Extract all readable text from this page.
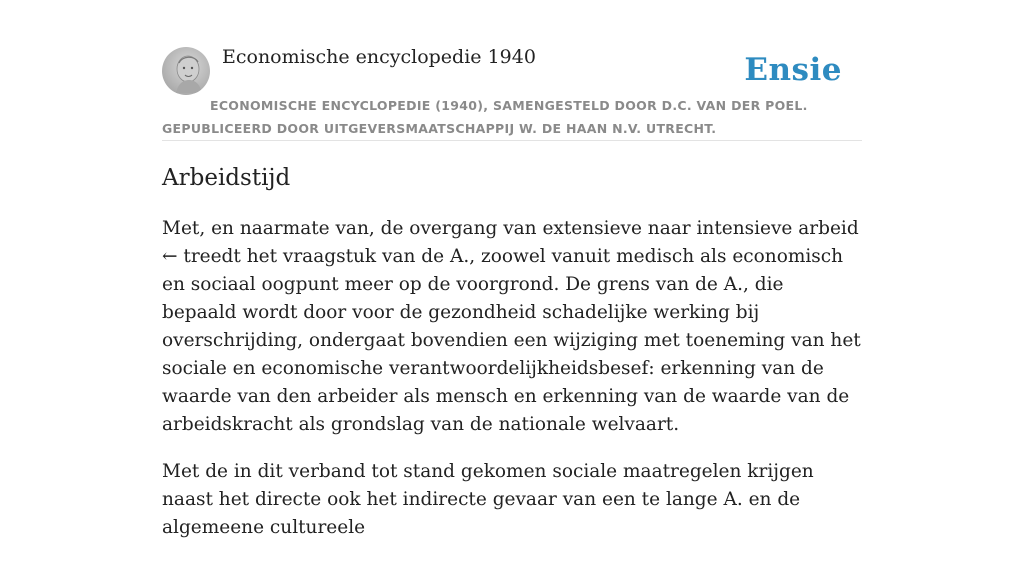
Economische encyclopedie 1940	Ensie
ECONOMISCHE ENCYCLOPEDIE (1940), SAMENGESTELD DOOR D.C. VAN DER POEL.
GEPUBLICEERD DOOR UITGEVERSMAATSCHAPPIJ W. DE HAAN N.V. UTRECHT.
Arbeidstijd

Met, en naarmate van, de overgang van extensieve naar intensieve arbeid ← treedt het vraagstuk van de A., zoowel vanuit medisch als economisch en sociaal oogpunt meer op de voorgrond. De grens van de A., die bepaald wordt door voor de gezondheid schadelijke werking bij overschrijding, ondergaat bovendien een wijziging met toeneming van het sociale en economische verantwoordelijkheidsbesef: erkenning van de waarde van den arbeider als mensch en erkenning van de waarde van de arbeidskracht als grondslag van de nationale welvaart.

Met de in dit verband tot stand gekomen sociale maatregelen krijgen naast het directe ook het indirecte gevaar van een te lange A. en de algemeene cultureele
